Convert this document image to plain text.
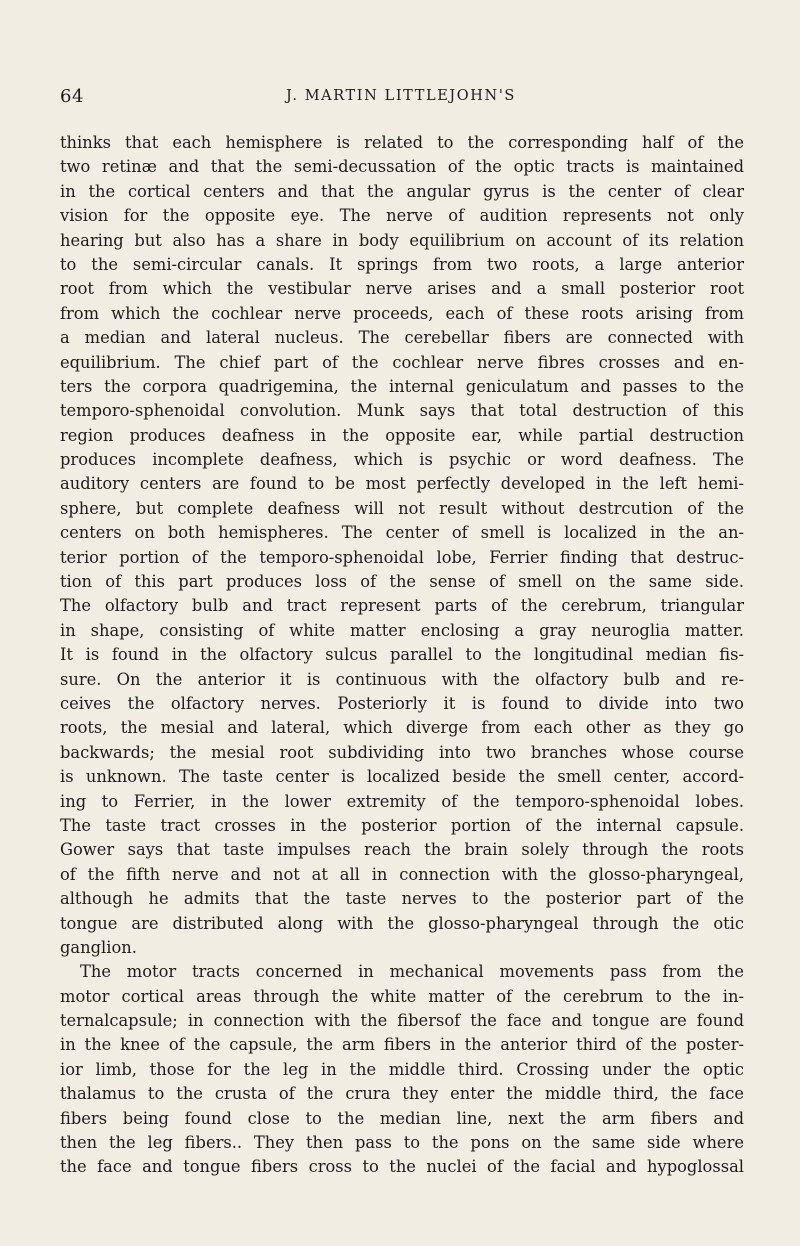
64	J. MARTIN LITTLEJOHN'S
thinks that each hemisphere is related to the corresponding half of the
two retinæ and that the semi-decussation of the optic tracts is maintained
in the cortical centers and that the angular gyrus is the center of clear
vision for the opposite eye. The nerve of audition represents not only
hearing but also has a share in body equilibrium on account of its relation
to the semi-circular canals. It springs from two roots, a large anterior
root from which the vestibular nerve arises and a small posterior root
from which the cochlear nerve proceeds, each of these roots arising from
a median and lateral nucleus. The cerebellar fibers are connected with
equilibrium. The chief part of the cochlear nerve fibres crosses and en-
ters the corpora quadrigemina, the internal geniculatum and passes to the
temporo-sphenoidal convolution. Munk says that total destruction of this
region produces deafness in the opposite ear, while partial destruction
produces incomplete deafness, which is psychic or word deafness. The
auditory centers are found to be most perfectly developed in the left hemi-
sphere, but complete deafness will not result without destrcution of the
centers on both hemispheres. The center of smell is localized in the an-
terior portion of the temporo-sphenoidal lobe, Ferrier finding that destruc-
tion of this part produces loss of the sense of smell on the same side.
The olfactory bulb and tract represent parts of the cerebrum, triangular
in shape, consisting of white matter enclosing a gray neuroglia matter.
It is found in the olfactory sulcus parallel to the longitudinal median fis-
sure. On the anterior it is continuous with the olfactory bulb and re-
ceives the olfactory nerves. Posteriorly it is found to divide into two
roots, the mesial and lateral, which diverge from each other as they go
backwards; the mesial root subdividing into two branches whose course
is unknown. The taste center is localized beside the smell center, accord-
ing to Ferrier, in the lower extremity of the temporo-sphenoidal lobes.
The taste tract crosses in the posterior portion of the internal capsule.
Gower says that taste impulses reach the brain solely through the roots
of the fifth nerve and not at all in connection with the glosso-pharyngeal,
although he admits that the taste nerves to the posterior part of the
tongue are distributed along with the glosso-pharyngeal through the otic
ganglion.
The motor tracts concerned in mechanical movements pass from the
motor cortical areas through the white matter of the cerebrum to the in-
ternalcapsule; in connection with the fibersof the face and tongue are found
in the knee of the capsule, the arm fibers in the anterior third of the poster-
ior limb, those for the leg in the middle third. Crossing under the optic
thalamus to the crusta of the crura they enter the middle third, the face
fibers being found close to the median line, next the arm fibers and
then the leg fibers.. They then pass to the pons on the same side where
the face and tongue fibers cross to the nuclei of the facial and hypoglossal
